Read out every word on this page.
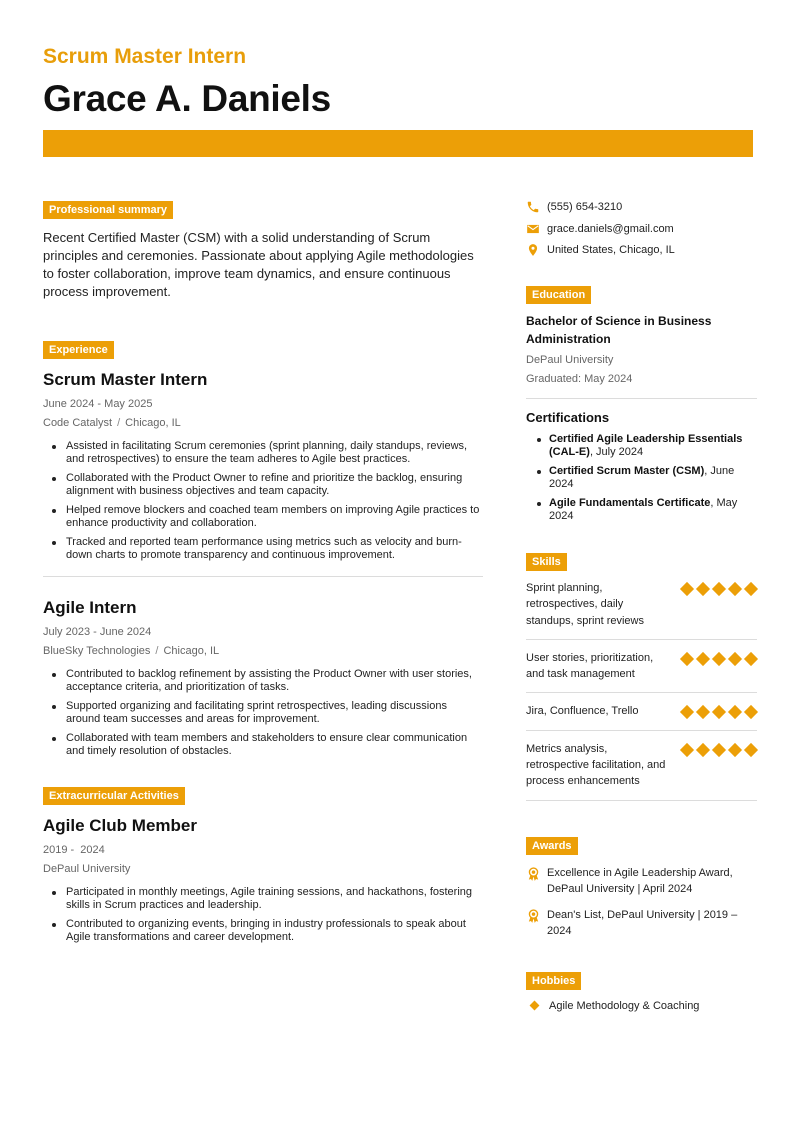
Scrum Master Intern
Grace A. Daniels
Professional summary

Recent Certified Master (CSM) with a solid understanding of Scrum principles and ceremonies. Passionate about applying Agile methodologies to foster collaboration, improve team dynamics, and ensure continuous process improvement.

Experience
Scrum Master Intern
June 2024 - May 2025
Code Catalyst / Chicago, IL
Assisted in facilitating Scrum ceremonies (sprint planning, daily standups, reviews, and retrospectives) to ensure the team adheres to Agile best practices.
Collaborated with the Product Owner to refine and prioritize the backlog, ensuring alignment with business objectives and team capacity.
Helped remove blockers and coached team members on improving Agile practices to enhance productivity and collaboration.
Tracked and reported team performance using metrics such as velocity and burn-down charts to promote transparency and continuous improvement.
Agile Intern
July 2023 - June 2024
BlueSky Technologies / Chicago, IL
Contributed to backlog refinement by assisting the Product Owner with user stories, acceptance criteria, and prioritization of tasks.
Supported organizing and facilitating sprint retrospectives, leading discussions around team successes and areas for improvement.
Collaborated with team members and stakeholders to ensure clear communication and timely resolution of obstacles.
Extracurricular Activities
Agile Club Member
2019 -  2024
DePaul University
Participated in monthly meetings, Agile training sessions, and hackathons, fostering skills in Scrum practices and leadership.
Contributed to organizing events, bringing in industry professionals to speak about Agile transformations and career development.
(555) 654-3210
grace.daniels@gmail.com
United States, Chicago, IL
Education
Bachelor of Science in Business Administration
DePaul University
Graduated: May 2024
Certifications
Certified Agile Leadership Essentials (CAL-E), July 2024
Certified Scrum Master (CSM), June 2024
Agile Fundamentals Certificate, May 2024
Skills
Sprint planning, retrospectives, daily standups, sprint reviews
User stories, prioritization, and task management
Jira, Confluence, Trello
Metrics analysis, retrospective facilitation, and process enhancements
Awards
Excellence in Agile Leadership Award, DePaul University | April 2024
Dean's List, DePaul University | 2019 – 2024
Hobbies
Agile Methodology & Coaching
